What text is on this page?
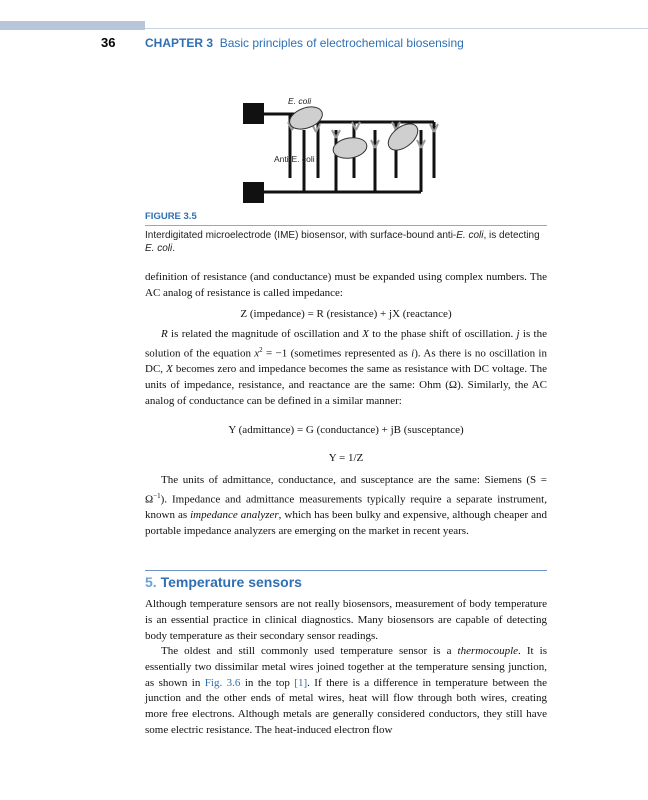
36 CHAPTER 3 Basic principles of electrochemical biosensing
E. coli
Anti-E. coli
FIGURE 3.5
Interdigitated microelectrode (IME) biosensor, with surface-bound anti-E. coli, is detecting E. coli.

definition of resistance (and conductance) must be expanded using complex numbers. The AC analog of resistance is called impedance:

Z (impedance) = R (resistance) + jX (reactance)

R is related the magnitude of oscillation and X to the phase shift of oscillation. j is the solution of the equation $x^2 = -1$ (sometimes represented as i). As there is no oscillation in DC, X becomes zero and impedance becomes the same as resistance with DC voltage. The units of impedance, resistance, and reactance are the same: Ohm (Ω). Similarly, the AC analog of conductance can be defined in a similar manner:

Y (admittance) = G (conductance) + jB (susceptance)
Y = 1/Z

The units of admittance, conductance, and susceptance are the same: Siemens $(S = \Omega^{-1})$. Impedance and admittance measurements typically require a separate instrument, known as impedance analyzer, which has been bulky and expensive, although cheaper and portable impedance analyzers are emerging on the market in recent years.

5. Temperature sensors

Although temperature sensors are not really biosensors, measurement of body temperature is an essential practice in clinical diagnostics. Many biosensors are capable of detecting body temperature as their secondary sensor readings.

The oldest and still commonly used temperature sensor is a thermocouple. It is essentially two dissimilar metal wires joined together at the temperature sensing junction, as shown in Fig. 3.6 in the top [1]. If there is a difference in temperature between the junction and the other ends of metal wires, heat will flow through both wires, creating more free electrons. Although metals are generally considered conductors, they still have some electric resistance. The heat-induced electron flow
